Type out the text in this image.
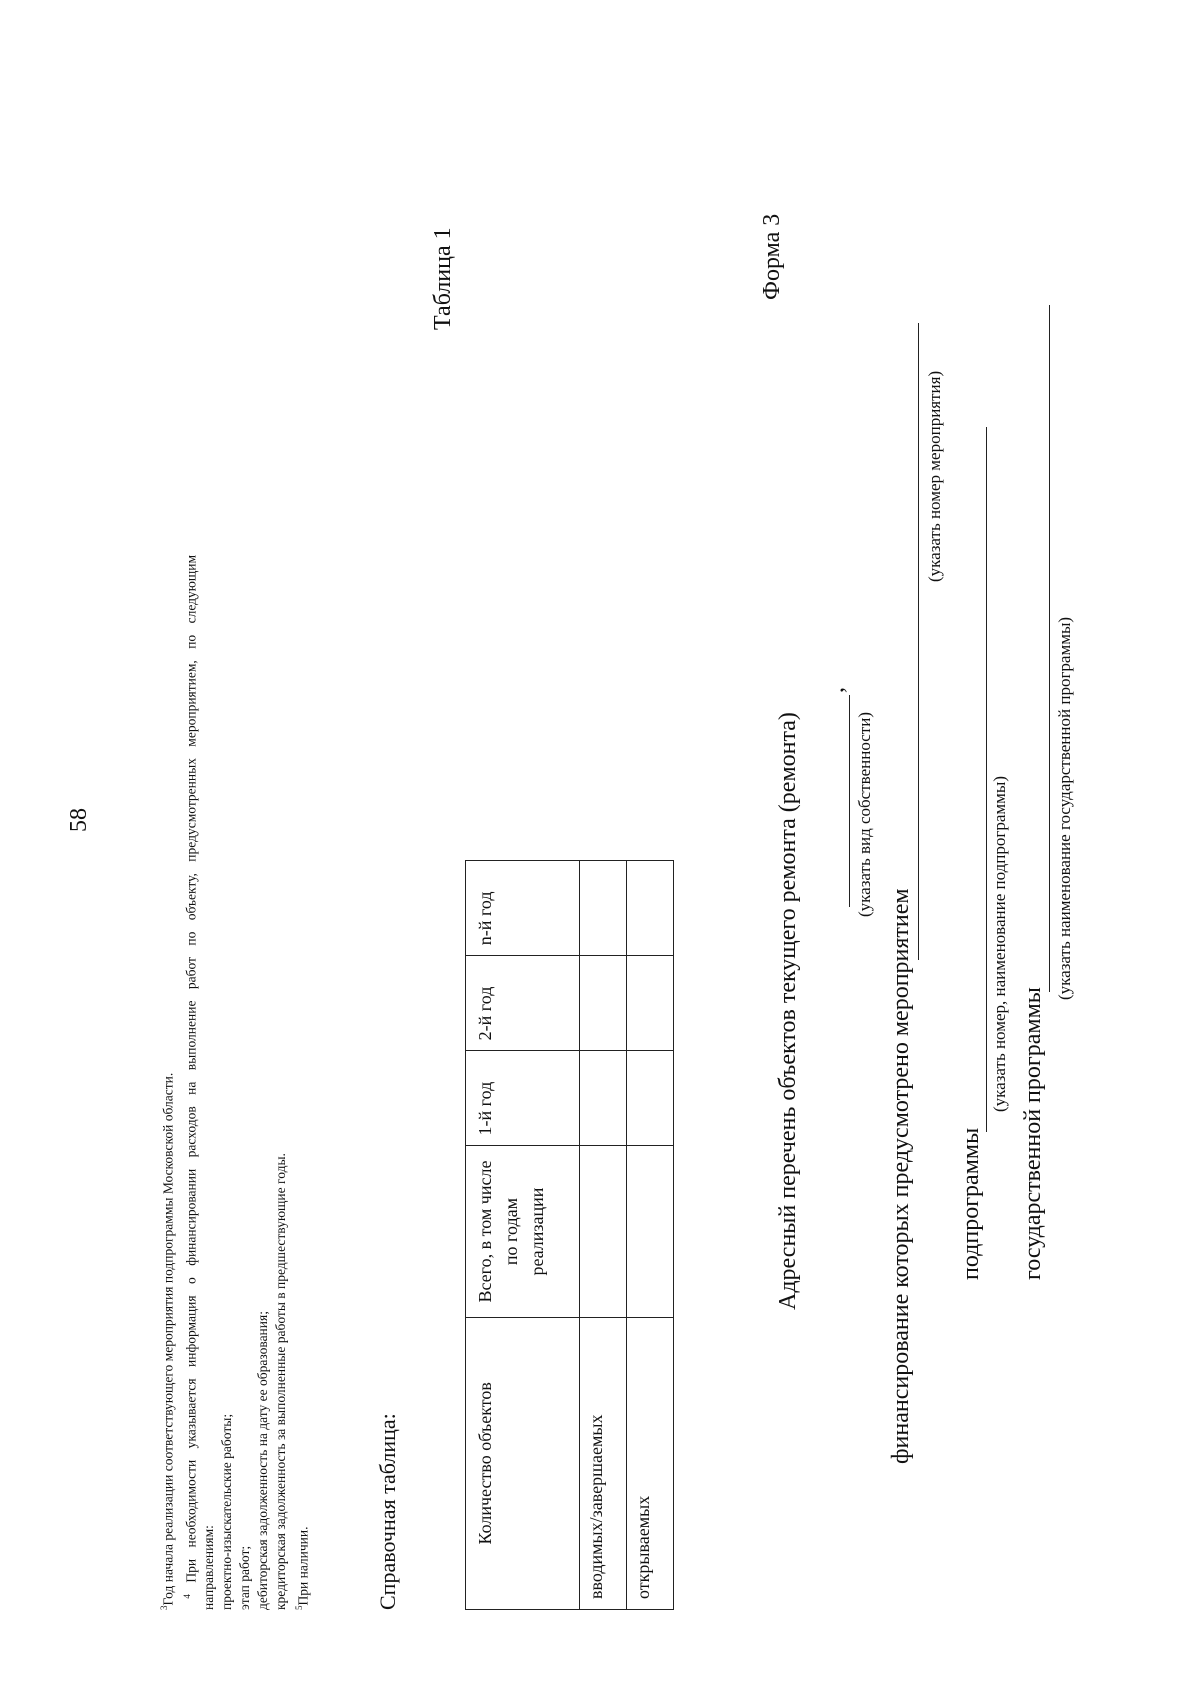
58

$^3$Год начала реализации соответствующего мероприятия подпрограммы Московской области. $^4$ При необходимости указывается информация о финансировании расходов на выполнение работ по объекту, предусмотренных мероприятием, по следующим направлениям: проектно-изыскательские работы; этап работ; дебиторская задолженность на дату ее образования; кредиторская задолженность за выполненные работы в предшествующие годы. $^5$При наличии.	Справочная таблица:
Таблица 1	Форма 3
Количество объектов	Всего, в том числе по годам реализации	1-й год	2-й год	n-й год
вводимых/завершаемых				
открываемых				
Адресный перечень объектов текущего ремонта (ремонта)
,
(указать вид собственности)
финансирование которых предусмотрено мероприятием
(указать номер мероприятия)
подпрограммы
(указать номер, наименование подпрограммы)
государственной программы
(указать наименование государственной программы)
